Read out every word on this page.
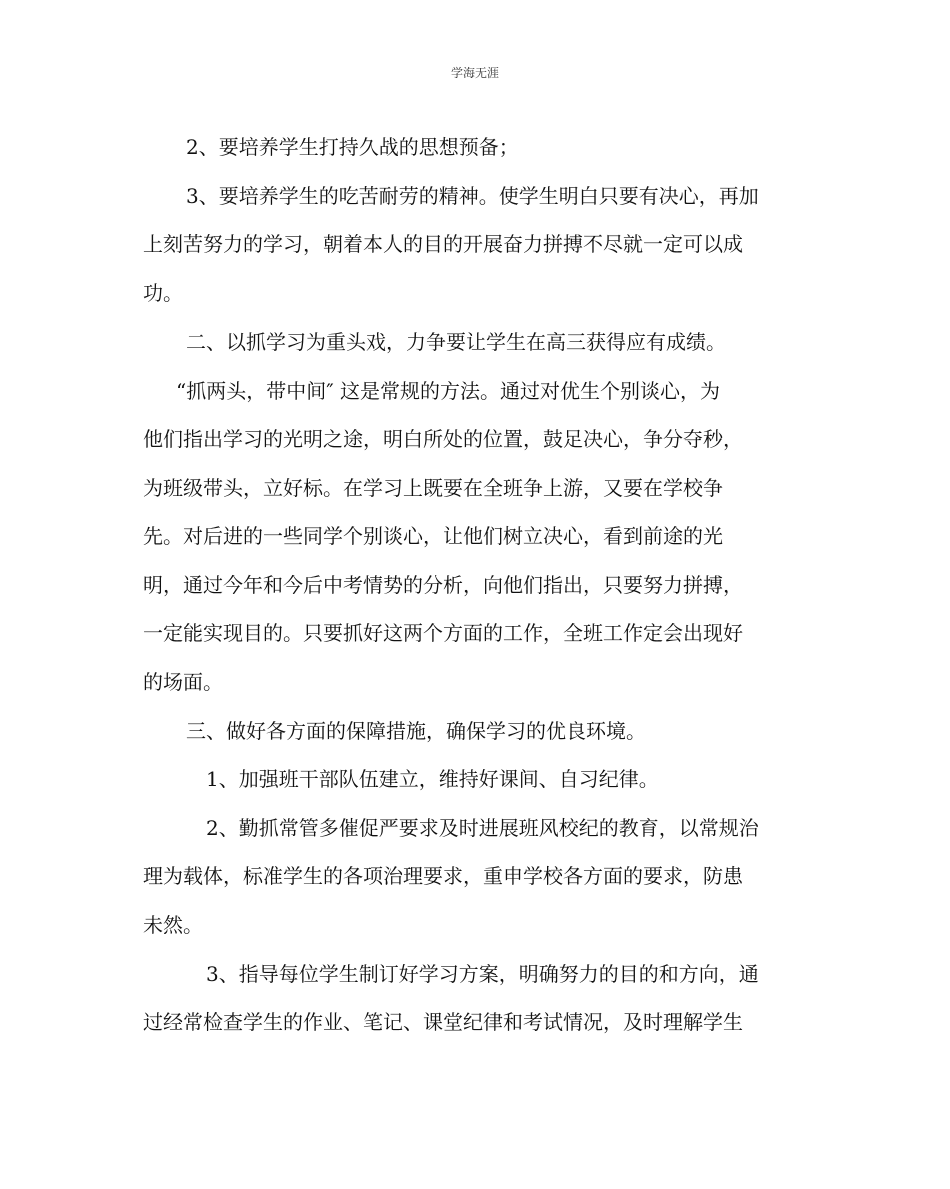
学海无涯
2、要培养学生打持久战的思想预备；
3、要培养学生的吃苦耐劳的精神。使学生明白只要有决心，再加
上刻苦努力的学习，朝着本人的目的开展奋力拼搏不尽就一定可以成
功。
二、以抓学习为重头戏，力争要让学生在高三获得应有成绩。
“抓两头，带中间″ 这是常规的方法。通过对优生个别谈心，为
他们指出学习的光明之途，明白所处的位置，鼓足决心，争分夺秒，
为班级带头，立好标。在学习上既要在全班争上游，又要在学校争
先。对后进的一些同学个别谈心，让他们树立决心，看到前途的光
明，通过今年和今后中考情势的分析，向他们指出，只要努力拼搏，
一定能实现目的。只要抓好这两个方面的工作，全班工作定会出现好
的场面。
三、做好各方面的保障措施，确保学习的优良环境。
1、加强班干部队伍建立，维持好课间、自习纪律。
2、勤抓常管多催促严要求及时进展班风校纪的教育，以常规治
理为载体，标准学生的各项治理要求，重申学校各方面的要求，防患
未然。
3、指导每位学生制订好学习方案，明确努力的目的和方向，通
过经常检查学生的作业、笔记、课堂纪律和考试情况，及时理解学生
